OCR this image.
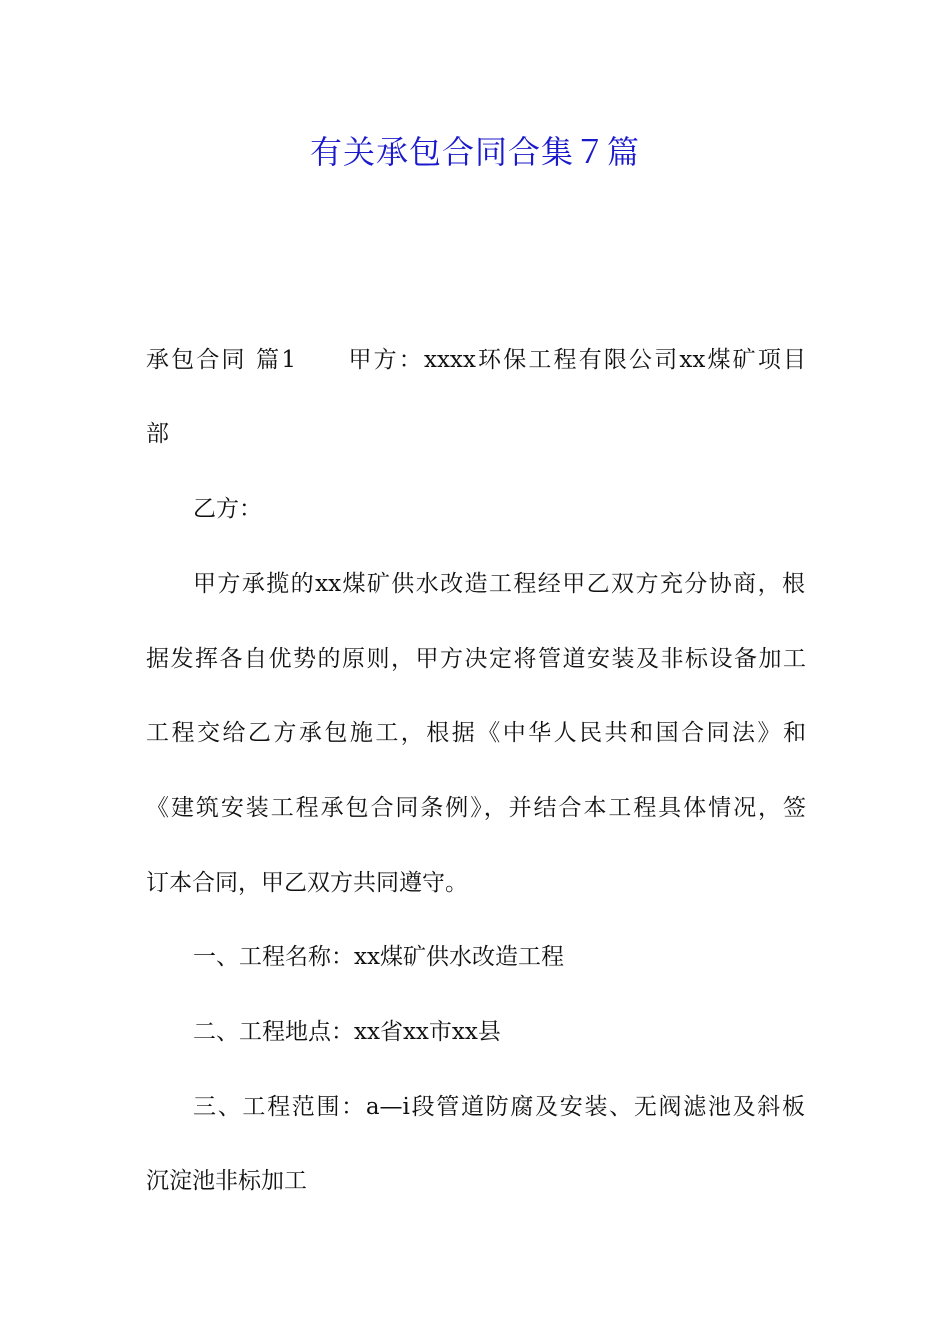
有关承包合同合集７篇

承包合同 篇1　　甲方：xxxx环保工程有限公司xx煤矿项目

部

乙方：

甲方承揽的xx煤矿供水改造工程经甲乙双方充分协商，根

据发挥各自优势的原则，甲方决定将管道安装及非标设备加工

工程交给乙方承包施工，根据《中华人民共和国合同法》和

《建筑安装工程承包合同条例》，并结合本工程具体情况，签

订本合同，甲乙双方共同遵守。

一、工程名称：xx煤矿供水改造工程

二、工程地点：xx省xx市xx县

三、工程范围：a—i段管道防腐及安装、无阀滤池及斜板

沉淀池非标加工
